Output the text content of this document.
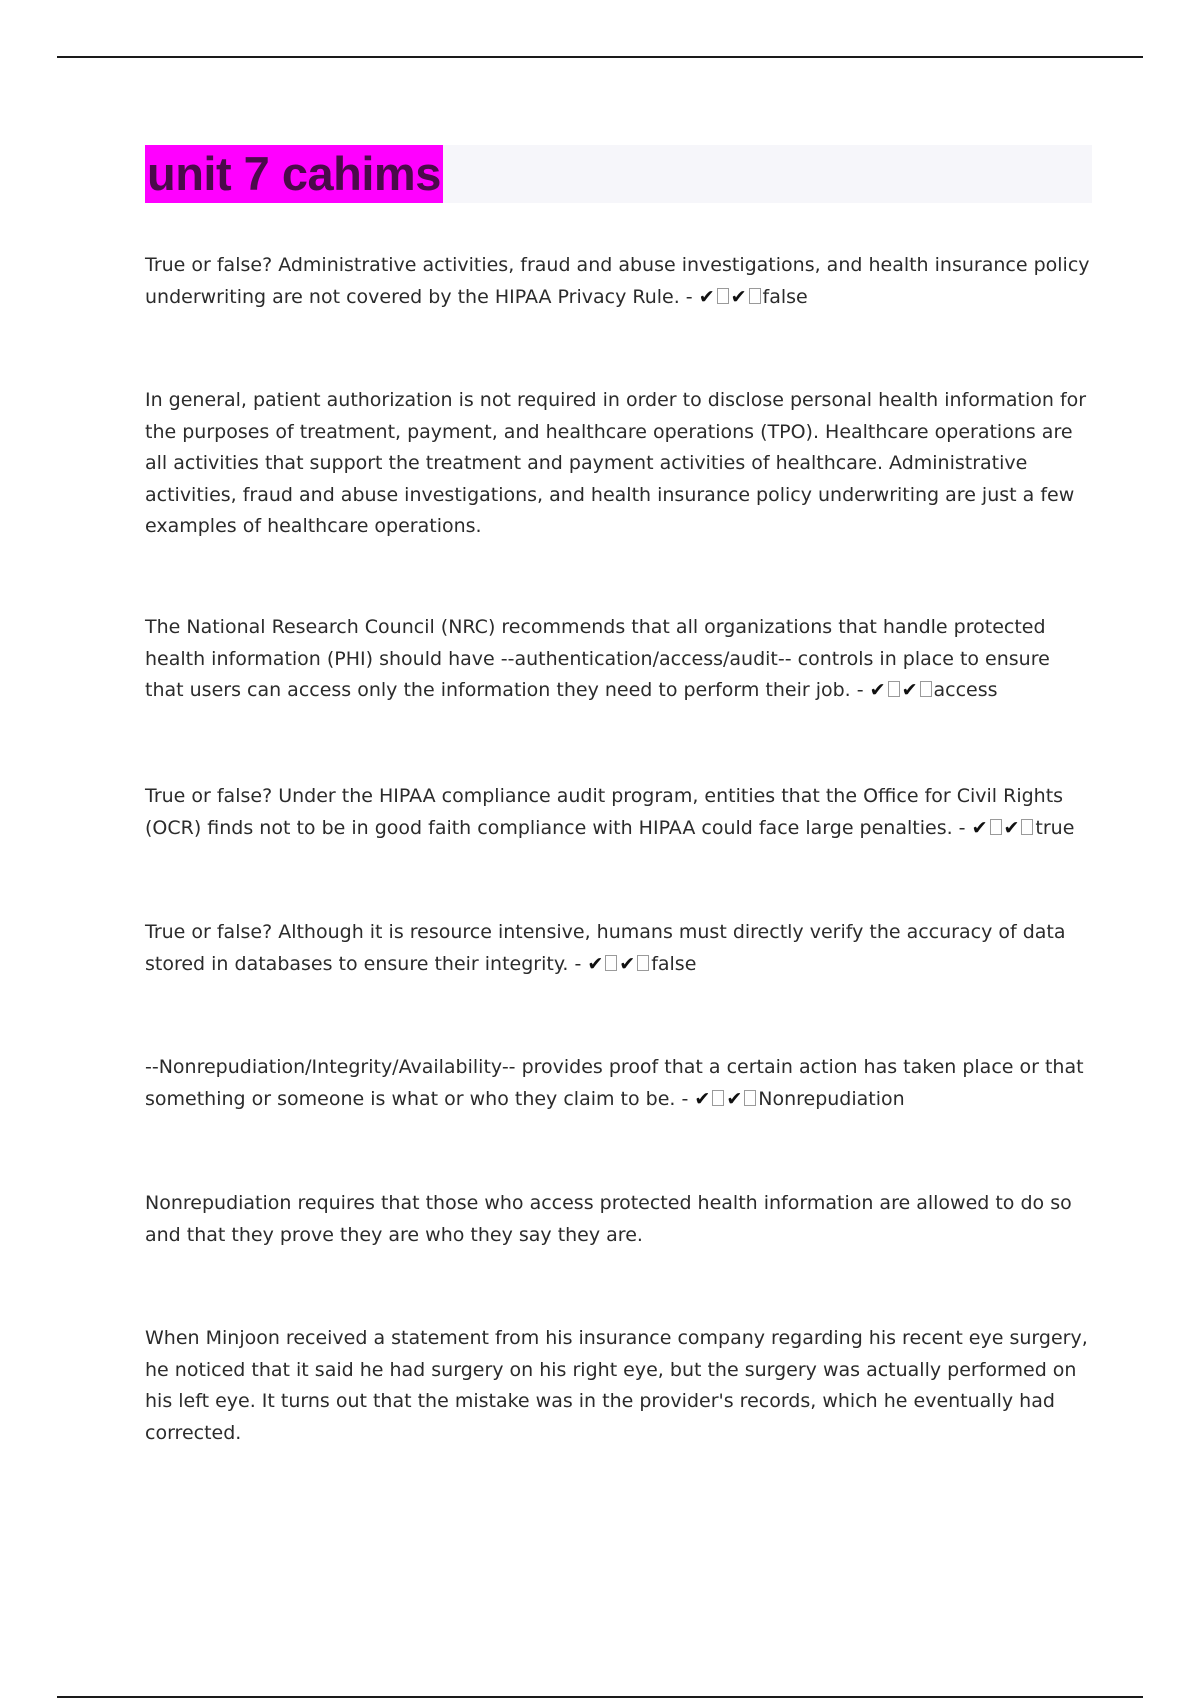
unit 7 cahims

True or false? Administrative activities, fraud and abuse investigations, and health insurance policy underwriting are not covered by the HIPAA Privacy Rule. - ✔ ✔ false

In general, patient authorization is not required in order to disclose personal health information for the purposes of treatment, payment, and healthcare operations (TPO). Healthcare operations are all activities that support the treatment and payment activities of healthcare. Administrative activities, fraud and abuse investigations, and health insurance policy underwriting are just a few examples of healthcare operations.

The National Research Council (NRC) recommends that all organizations that handle protected health information (PHI) should have --authentication/access/audit-- controls in place to ensure that users can access only the information they need to perform their job. - ✔ ✔ access

True or false? Under the HIPAA compliance audit program, entities that the Office for Civil Rights (OCR) finds not to be in good faith compliance with HIPAA could face large penalties. - ✔ ✔ true

True or false? Although it is resource intensive, humans must directly verify the accuracy of data stored in databases to ensure their integrity. - ✔ ✔ false

--Nonrepudiation/Integrity/Availability-- provides proof that a certain action has taken place or that something or someone is what or who they claim to be. - ✔ ✔ Nonrepudiation

Nonrepudiation requires that those who access protected health information are allowed to do so and that they prove they are who they say they are.

When Minjoon received a statement from his insurance company regarding his recent eye surgery, he noticed that it said he had surgery on his right eye, but the surgery was actually performed on his left eye. It turns out that the mistake was in the provider's records, which he eventually had corrected.
